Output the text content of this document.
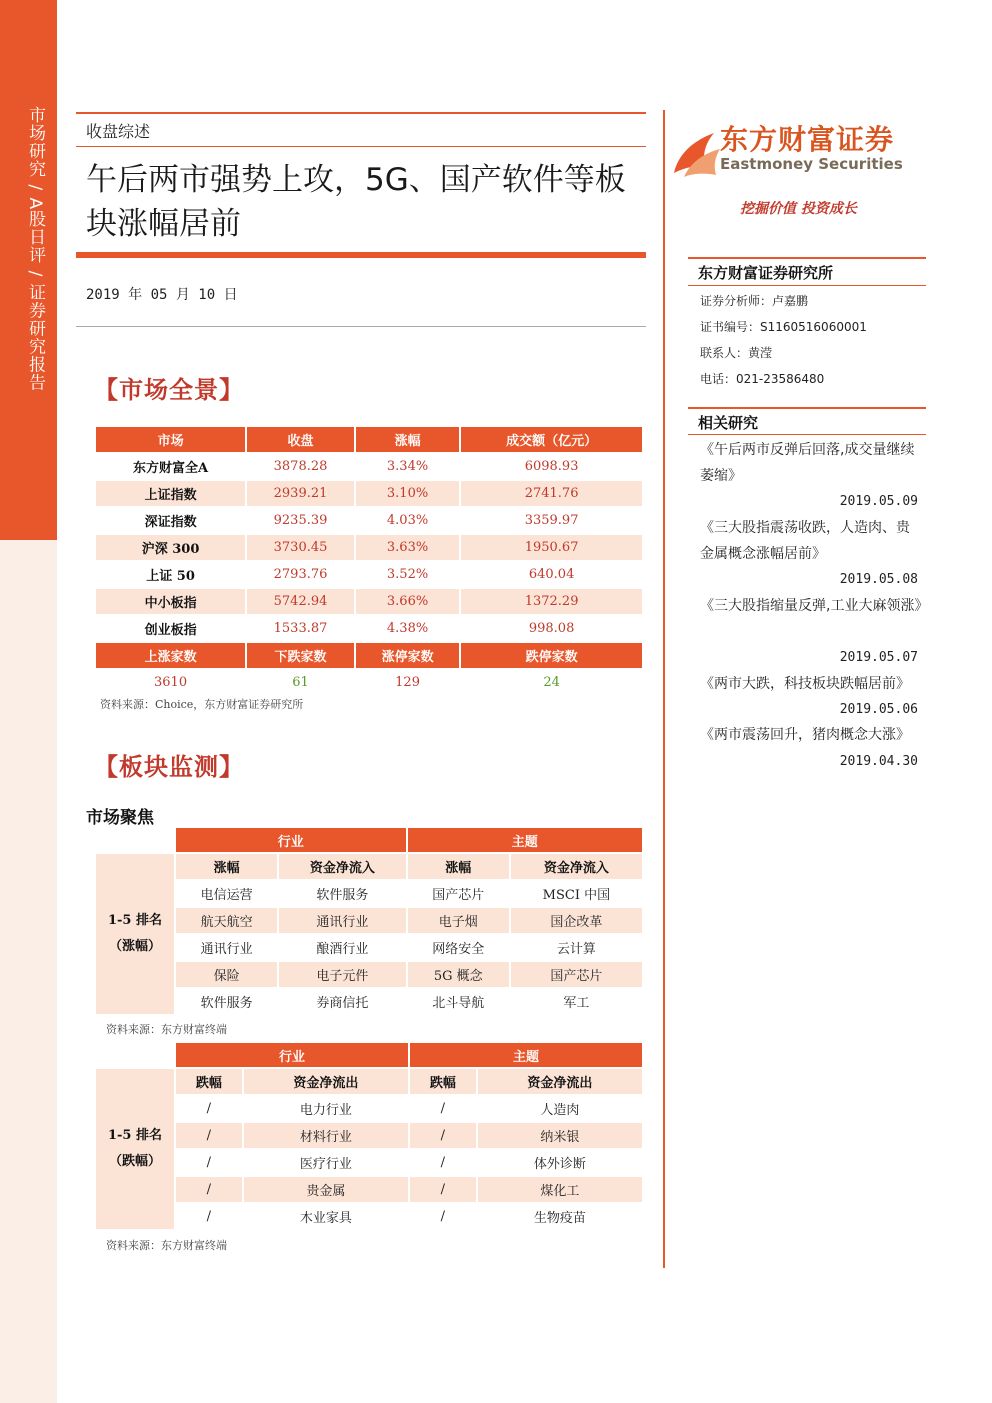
市场研究 / A股日评 / 证券研究报告	收盘综述
午后两市强势上攻，5G、国产软件等板块涨幅居前
2019 年 05 月 10 日
【市场全景】
市场	收盘	涨幅	成交额（亿元）
东方财富全A	3878.28	3.34%	6098.93
上证指数	2939.21	3.10%	2741.76
深证指数	9235.39	4.03%	3359.97
沪深 300	3730.45	3.63%	1950.67
上证 50	2793.76	3.52%	640.04
中小板指	5742.94	3.66%	1372.29
创业板指	1533.87	4.38%	998.08
上涨家数	下跌家数	涨停家数	跌停家数
3610	61	129	24
资料来源：Choice，东方财富证券研究所
【板块监测】
市场聚焦
	行业		主题	
1-5 排名
（涨幅）	涨幅	资金净流入	涨幅	资金净流入
	电信运营	软件服务	国产芯片	MSCI 中国
	航天航空	通讯行业	电子烟	国企改革
	通讯行业	酿酒行业	网络安全	云计算
	保险	电子元件	5G 概念	国产芯片
	软件服务	券商信托	北斗导航	军工
资料来源：东方财富终端
	行业		主题	
1-5 排名
（跌幅）	跌幅	资金净流出	跌幅	资金净流出
	/	电力行业	/	人造肉
	/	材料行业	/	纳米银
	/	医疗行业	/	体外诊断
	/	贵金属	/	煤化工
	/	木业家具	/	生物疫苗
资料来源：东方财富终端
东方财富证券
Eastmoney Securities
挖掘价值 投资成长
东方财富证券研究所
证券分析师：卢嘉鹏
证书编号：S1160516060001
联系人：黄滢
电话：021-23586480
相关研究
《午后两市反弹后回落,成交量继续萎缩》
2019.05.09
《三大股指震荡收跌，人造肉、贵金属概念涨幅居前》
2019.05.08
《三大股指缩量反弹,工业大麻领涨》
2019.05.07
《两市大跌，科技板块跌幅居前》
2019.05.06
《两市震荡回升，猪肉概念大涨》
2019.04.30
